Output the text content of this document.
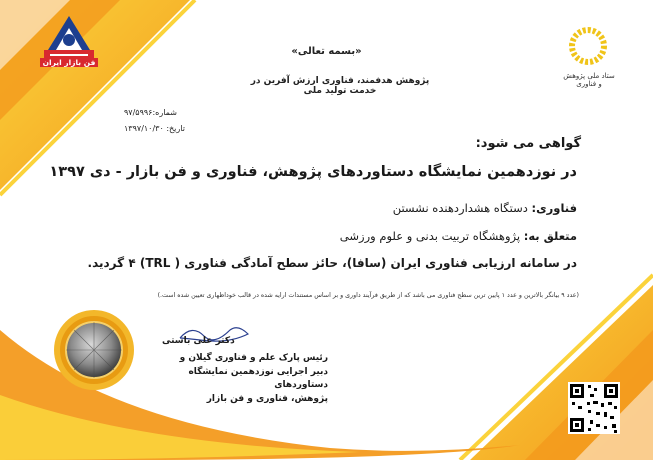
فن بازار ایران
ستاد ملی پژوهش و فناوری
«بسمه تعالی»
پژوهش هدفمند، فناوری ارزش آفرین در خدمت تولید ملی
شماره:۹۷/۵۹۹۶
تاریخ: ۱۳۹۷/۱۰/۳۰
گواهی می شود:
در نوزدهمین نمایشگاه دستاوردهای پژوهش، فناوری و فن بازار - دی ۱۳۹۷
فناوری: دستگاه هشداردهنده نشستن
متعلق به: پژوهشگاه تربیت بدنی و علوم ورزشی
در سامانه ارزیابی فناوری ایران (سافا)، حائز سطح آمادگی فناوری ( TRL) ۴ گردید.
(عدد ۹ بیانگر بالاترین و عدد ۱ پایین ترین سطح فناوری می باشد که از طریق فرآیند داوری و بر اساس مستندات ارایه شده در قالب خوداظهاری تعیین شده است.)
دکتر علی باستی
رئیس پارک علم و فناوری گیلان و
دبیر اجرایی نوزدهمین نمایشگاه دستاوردهای
پژوهش، فناوری و فن بازار
